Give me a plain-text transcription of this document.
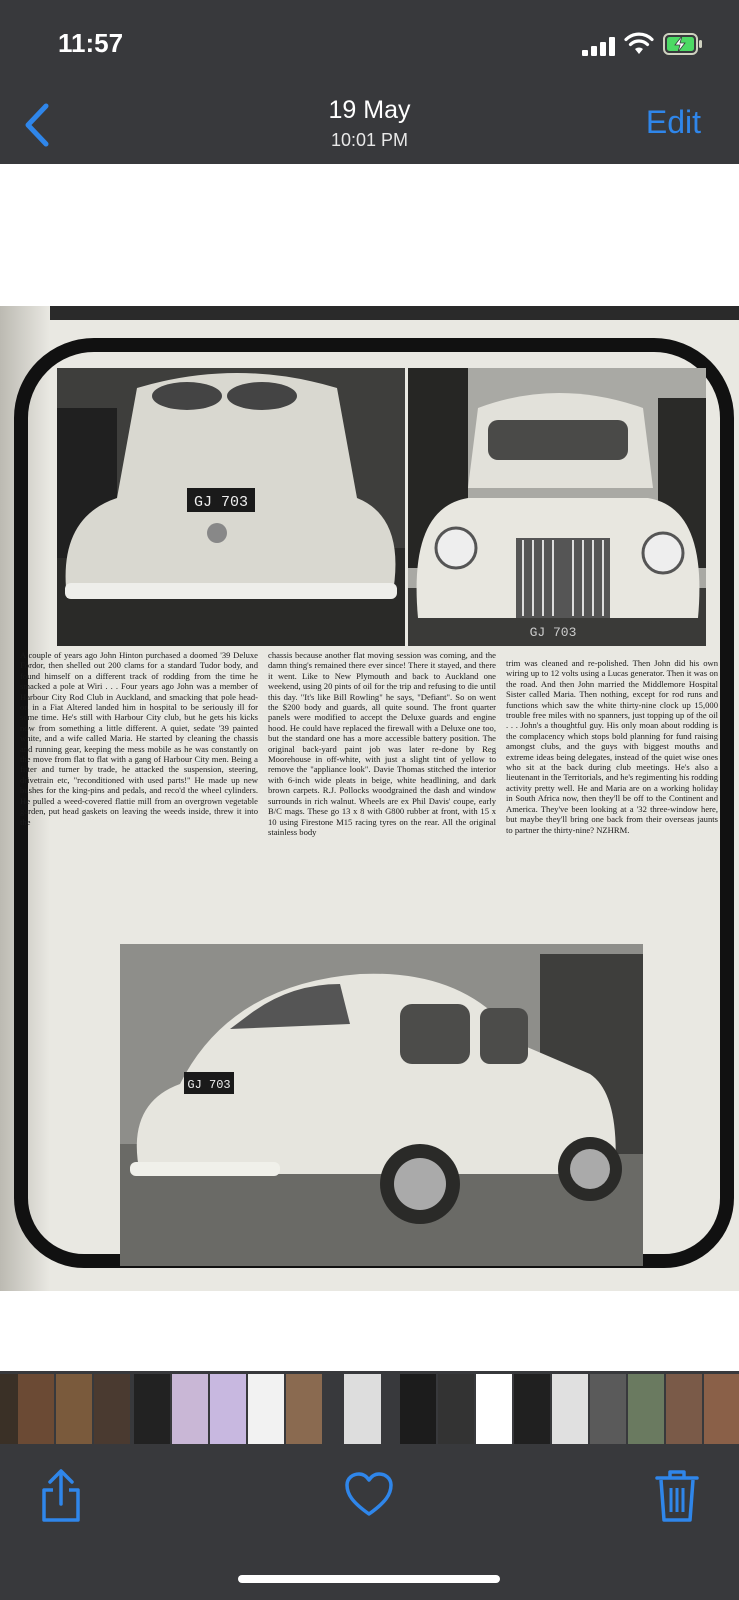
11:57
19 May
10:01 PM	Edit
GJ 703
GJ 703
A couple of years ago John Hinton purchased a doomed '39 Deluxe Fordor, then shelled out 200 clams for a standard Tudor body, and found himself on a different track of rodding from the time he smacked a pole at Wiri . . . Four years ago John was a member of Harbour City Rod Club in Auckland, and smacking that pole head-on in a Fiat Altered landed him in hospital to be seriously ill for some time. He's still with Harbour City club, but he gets his kicks now from something a little different. A quiet, sedate '39 painted white, and a wife called Maria. He started by cleaning the chassis and running gear, keeping the mess mobile as he was constantly on the move from flat to flat with a gang of Harbour City men. Being a fitter and turner by trade, he attacked the suspension, steering, drivetrain etc, "reconditioned with used parts!" He made up new bushes for the king-pins and pedals, and reco'd the wheel cylinders. He pulled a weed-covered flattie mill from an overgrown vegetable garden, put head gaskets on leaving the weeds inside, threw it into the
chassis because another flat moving session was coming, and the damn thing's remained there ever since! There it stayed, and there it went. Like to New Plymouth and back to Auckland one weekend, using 20 pints of oil for the trip and refusing to die until this day. "It's like Bill Rowling" he says, "Defiant". So on went the $200 body and guards, all quite sound. The front quarter panels were modified to accept the Deluxe guards and engine hood. He could have replaced the firewall with a Deluxe one too, but the standard one has a more accessible battery position. The original back-yard paint job was later re-done by Reg Moorehouse in off-white, with just a slight tint of yellow to remove the "appliance look". Davie Thomas stitched the interior with 6-inch wide pleats in beige, white headlining, and dark brown carpets. R.J. Pollocks woodgrained the dash and window surrounds in rich walnut. Wheels are ex Phil Davis' coupe, early B/C mags. These go 13 x 8 with G800 rubber at front, with 15 x 10 using Firestone M15 racing tyres on the rear. All the original stainless body
trim was cleaned and re-polished. Then John did his own wiring up to 12 volts using a Lucas generator. Then it was on the road. And then John married the Middlemore Hospital Sister called Maria. Then nothing, except for rod runs and functions which saw the white thirty-nine clock up 15,000 trouble free miles with no spanners, just topping up of the oil . . . John's a thoughtful guy. His only moan about rodding is the complacency which stops bold planning for fund raising amongst clubs, and the guys with biggest mouths and extreme ideas being delegates, instead of the quiet wise ones who sit at the back during club meetings. He's also a lieutenant in the Territorials, and he's regimenting his rodding activity pretty well. He and Maria are on a working holiday in South Africa now, then they'll be off to the Continent and America. They've been looking at a '32 three-window here, but maybe they'll bring one back from their overseas jaunts to partner the thirty-nine? NZHRM.
GJ 703
